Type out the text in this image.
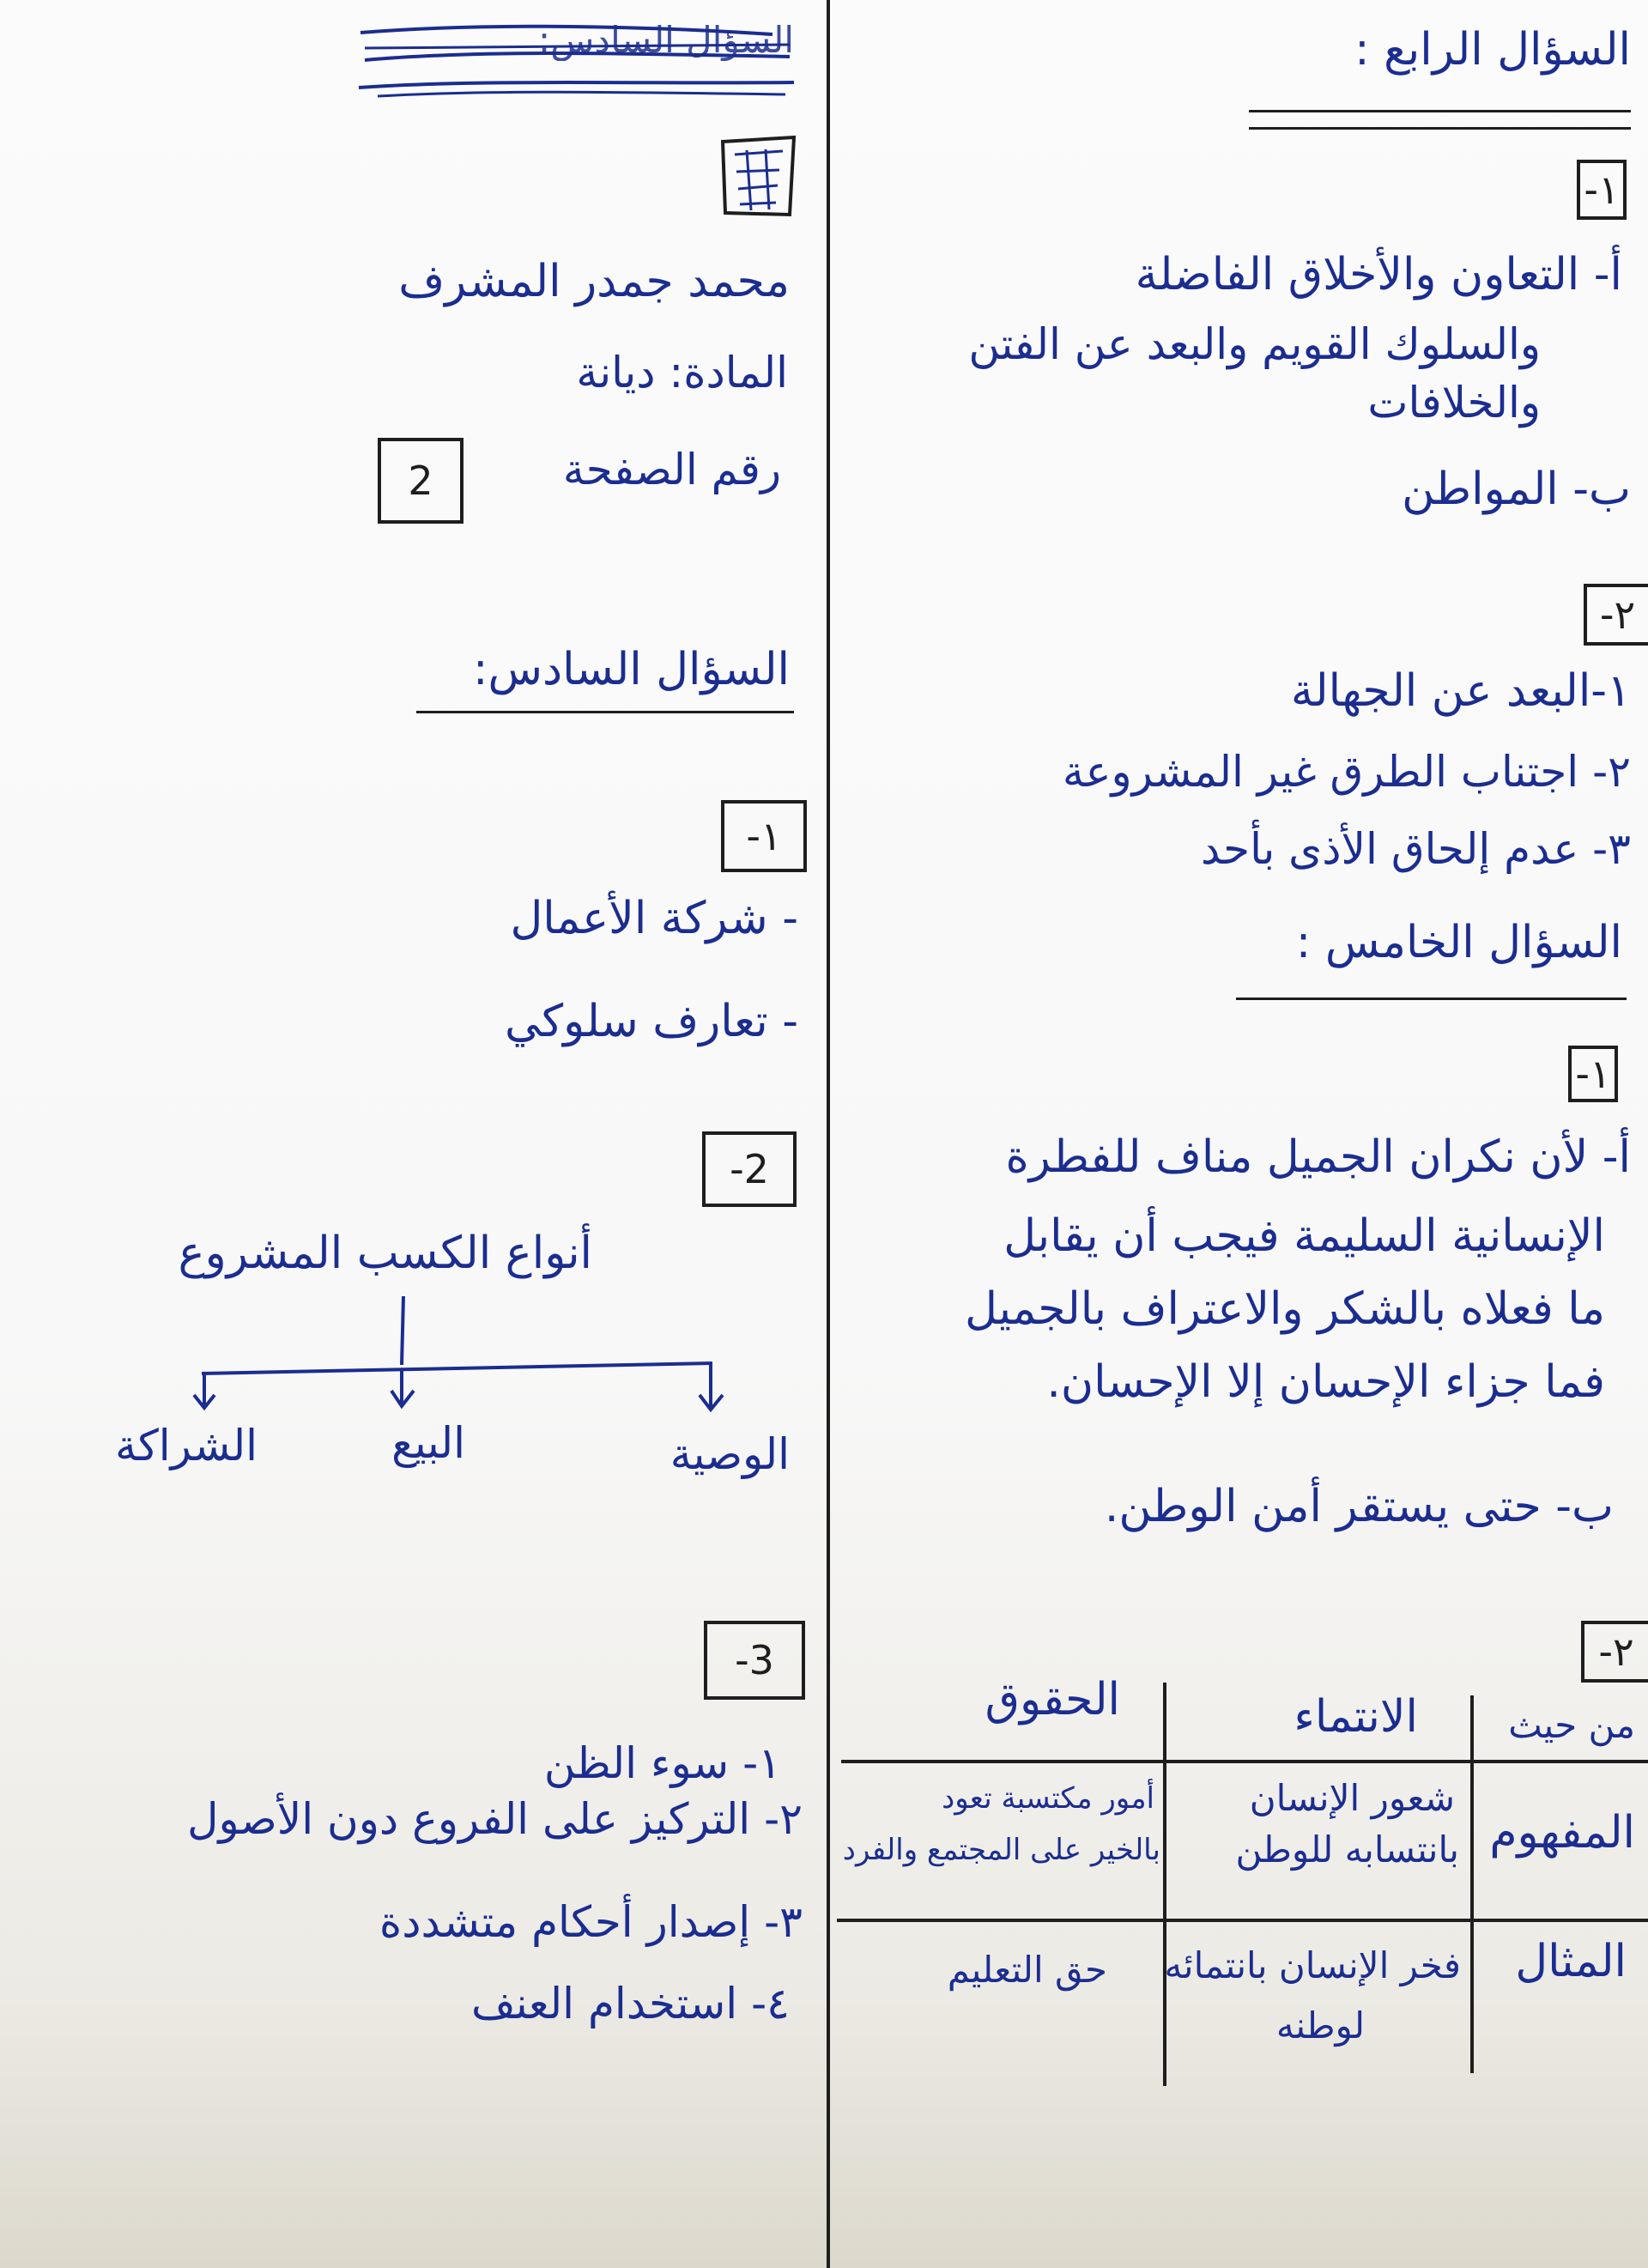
السؤال الرابع :
١-
أ- التعاون والأخلاق الفاضلة
والسلوك القويم والبعد عن الفتن
والخلافات
ب- المواطن
٢-
١-البعد عن الجهالة
٢- اجتناب الطرق غير المشروعة
٣- عدم إلحاق الأذى بأحد
السؤال الخامس :
١-
أ- لأن نكران الجميل مناف للفطرة
الإنسانية السليمة فيجب أن يقابل
ما فعلاه بالشكر والاعتراف بالجميل
فما جزاء الإحسان إلا الإحسان.
ب- حتى يستقر أمن الوطن.
٢-
من حيث
الانتماء
الحقوق
المفهوم
شعور الإنسان
بانتسابه للوطن
أمور مكتسبة تعود
بالخير على المجتمع والفرد
المثال
فخر الإنسان بانتمائه
لوطنه
حق التعليم
السؤال السادس:
محمد جمدر المشرف
المادة: ديانة
رقم الصفحة
2
السؤال السادس:
١-
- شركة الأعمال
- تعارف سلوكي
2-
أنواع الكسب المشروع
الوصية
البيع
الشراكة
3-
١- سوء الظن
٢- التركيز على الفروع دون الأصول
٣- إصدار أحكام متشددة
٤- استخدام العنف
